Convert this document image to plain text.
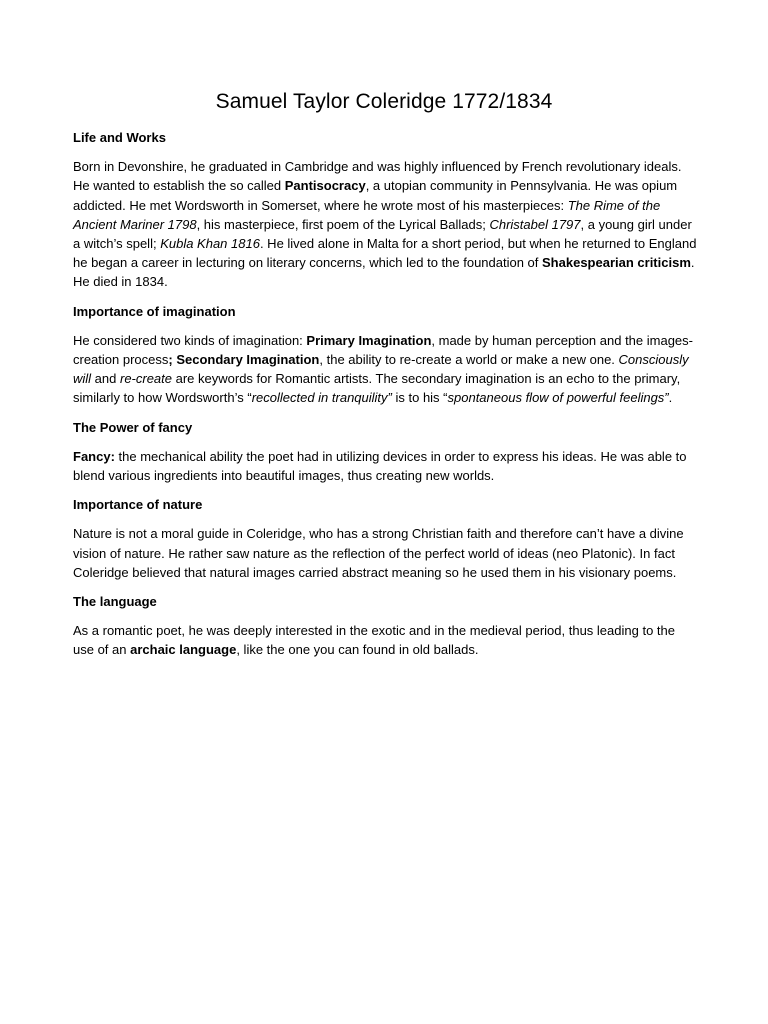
Samuel Taylor Coleridge 1772/1834
Life and Works

Born in Devonshire, he graduated in Cambridge and was highly influenced by French revolutionary ideals. He wanted to establish the so called Pantisocracy, a utopian community in Pennsylvania. He was opium addicted. He met Wordsworth in Somerset, where he wrote most of his masterpieces: The Rime of the Ancient Mariner 1798, his masterpiece, first poem of the Lyrical Ballads; Christabel 1797, a young girl under a witch’s spell; Kubla Khan 1816. He lived alone in Malta for a short period, but when he returned to England he began a career in lecturing on literary concerns, which led to the foundation of Shakespearian criticism. He died in 1834.

Importance of imagination

He considered two kinds of imagination: Primary Imagination, made by human perception and the images-creation process; Secondary Imagination, the ability to re-create a world or make a new one. Consciously will and re-create are keywords for Romantic artists. The secondary imagination is an echo to the primary, similarly to how Wordsworth’s “recollected in tranquility” is to his “spontaneous flow of powerful feelings”.

The Power of fancy

Fancy: the mechanical ability the poet had in utilizing devices in order to express his ideas. He was able to blend various ingredients into beautiful images, thus creating new worlds.

Importance of nature

Nature is not a moral guide in Coleridge, who has a strong Christian faith and therefore can’t have a divine vision of nature. He rather saw nature as the reflection of the perfect world of ideas (neo Platonic). In fact Coleridge believed that natural images carried abstract meaning so he used them in his visionary poems.

The language

As a romantic poet, he was deeply interested in the exotic and in the medieval period, thus leading to the use of an archaic language, like the one you can found in old ballads.
